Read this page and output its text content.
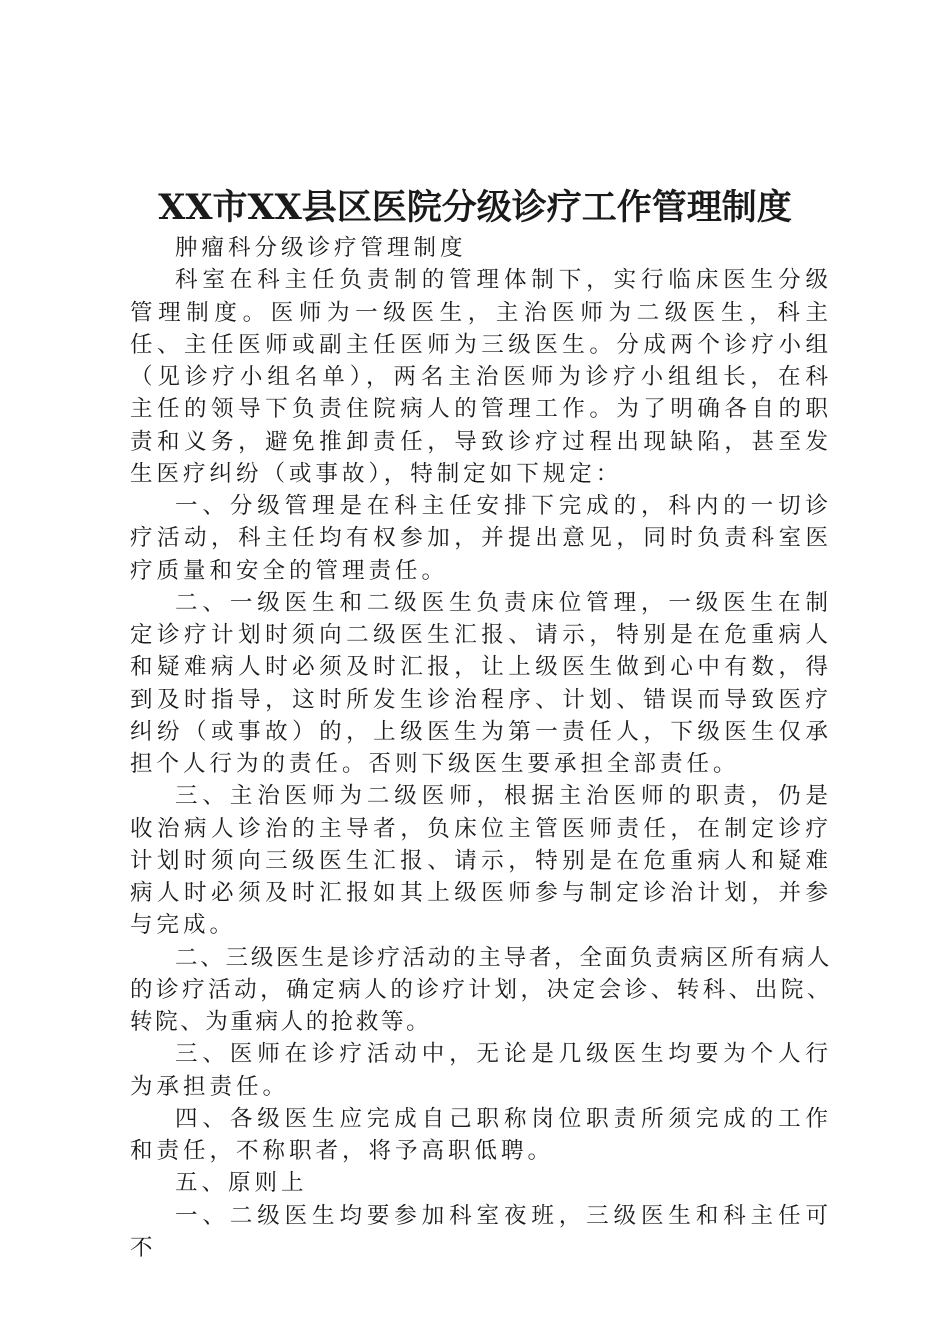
XX市XX县区医院分级诊疗工作管理制度

肿瘤科分级诊疗管理制度

科室在科主任负责制的管理体制下，实行临床医生分级管理制度。医师为一级医生，主治医师为二级医生，科主任、主任医师或副主任医师为三级医生。分成两个诊疗小组（见诊疗小组名单），两名主治医师为诊疗小组组长，在科主任的领导下负责住院病人的管理工作。为了明确各自的职责和义务，避免推卸责任，导致诊疗过程出现缺陷，甚至发生医疗纠纷（或事故），特制定如下规定：

一、分级管理是在科主任安排下完成的，科内的一切诊疗活动，科主任均有权参加，并提出意见，同时负责科室医疗质量和安全的管理责任。

二、一级医生和二级医生负责床位管理，一级医生在制定诊疗计划时须向二级医生汇报、请示，特别是在危重病人和疑难病人时必须及时汇报，让上级医生做到心中有数，得到及时指导，这时所发生诊治程序、计划、错误而导致医疗纠纷（或事故）的，上级医生为第一责任人，下级医生仅承担个人行为的责任。否则下级医生要承担全部责任。

三、主治医师为二级医师，根据主治医师的职责，仍是收治病人诊治的主导者，负床位主管医师责任，在制定诊疗计划时须向三级医生汇报、请示，特别是在危重病人和疑难病人时必须及时汇报如其上级医师参与制定诊治计划，并参与完成。

二、三级医生是诊疗活动的主导者，全面负责病区所有病人的诊疗活动，确定病人的诊疗计划，决定会诊、转科、出院、转院、为重病人的抢救等。

三、医师在诊疗活动中，无论是几级医生均要为个人行为承担责任。

四、各级医生应完成自己职称岗位职责所须完成的工作和责任，不称职者，将予高职低聘。

五、原则上

一、二级医生均要参加科室夜班，三级医生和科主任可不
